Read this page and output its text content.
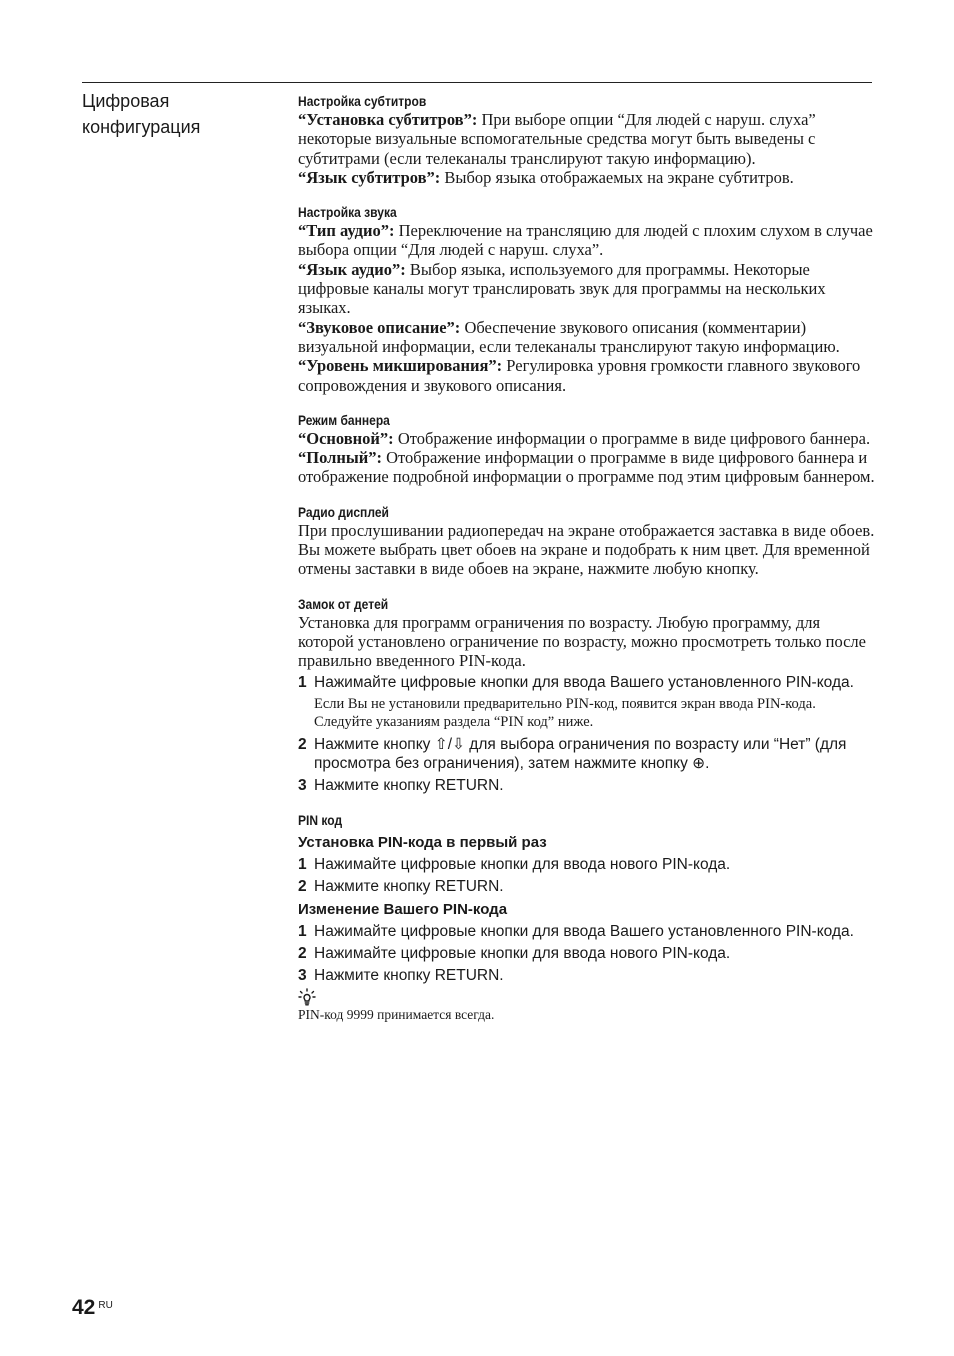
Цифровая
конфигурация
Настройка субтитров

“Установка субтитров”: При выборе опции “Для людей с наруш. слуха” некоторые визуальные вспомогательные средства могут быть выведены с субтитрами (если телеканалы транслируют такую информацию).

“Язык субтитров”: Выбор языка отображаемых на экране субтитров.

Настройка звука

“Тип аудио”: Переключение на трансляцию для людей с плохим слухом в случае выбора опции “Для людей с наруш. слуха”.

“Язык аудио”: Выбор языка, используемого для программы. Некоторые цифровые каналы могут транслировать звук для программы на нескольких языках.

“Звуковое описание”: Обеспечение звукового описания (комментарии) визуальной информации, если телеканалы транслируют такую информацию.

“Уровень микширования”: Регулировка уровня громкости главного звукового сопровождения и звукового описания.

Режим баннера

“Основной”: Отображение информации о программе в виде цифрового баннера.

“Полный”: Отображение информации о программе в виде цифрового баннера и отображение подробной информации о программе под этим цифровым баннером.

Радио дисплей

При прослушивании радиопередач на экране отображается заставка в виде обоев. Вы можете выбрать цвет обоев на экране и подобрать к ним цвет. Для временной отмены заставки в виде обоев на экране, нажмите любую кнопку.

Замок от детей

Установка для программ ограничения по возрасту. Любую программу, для которой установлено ограничение по возрасту, можно просмотреть только после правильно введенного PIN-кода.

1 Нажимайте цифровые кнопки для ввода Вашего установленного PIN-кода.
Если Вы не установили предварительно PIN-код, появится экран ввода PIN-кода. Следуйте указаниям раздела “PIN код” ниже.
2 Нажмите кнопку ⇧/⇩ для выбора ограничения по возрасту или “Нет” (для просмотра без ограничения), затем нажмите кнопку ⊕.
3 Нажмите кнопку RETURN.
PIN код
Установка PIN-кода в первый раз
1 Нажимайте цифровые кнопки для ввода нового PIN-кода.
2 Нажмите кнопку RETURN.
Изменение Вашего PIN-кода
1 Нажимайте цифровые кнопки для ввода Вашего установленного PIN-кода.
2 Нажимайте цифровые кнопки для ввода нового PIN-кода.
3 Нажмите кнопку RETURN.

PIN-код 9999 принимается всегда.

42 $^{RU}$
